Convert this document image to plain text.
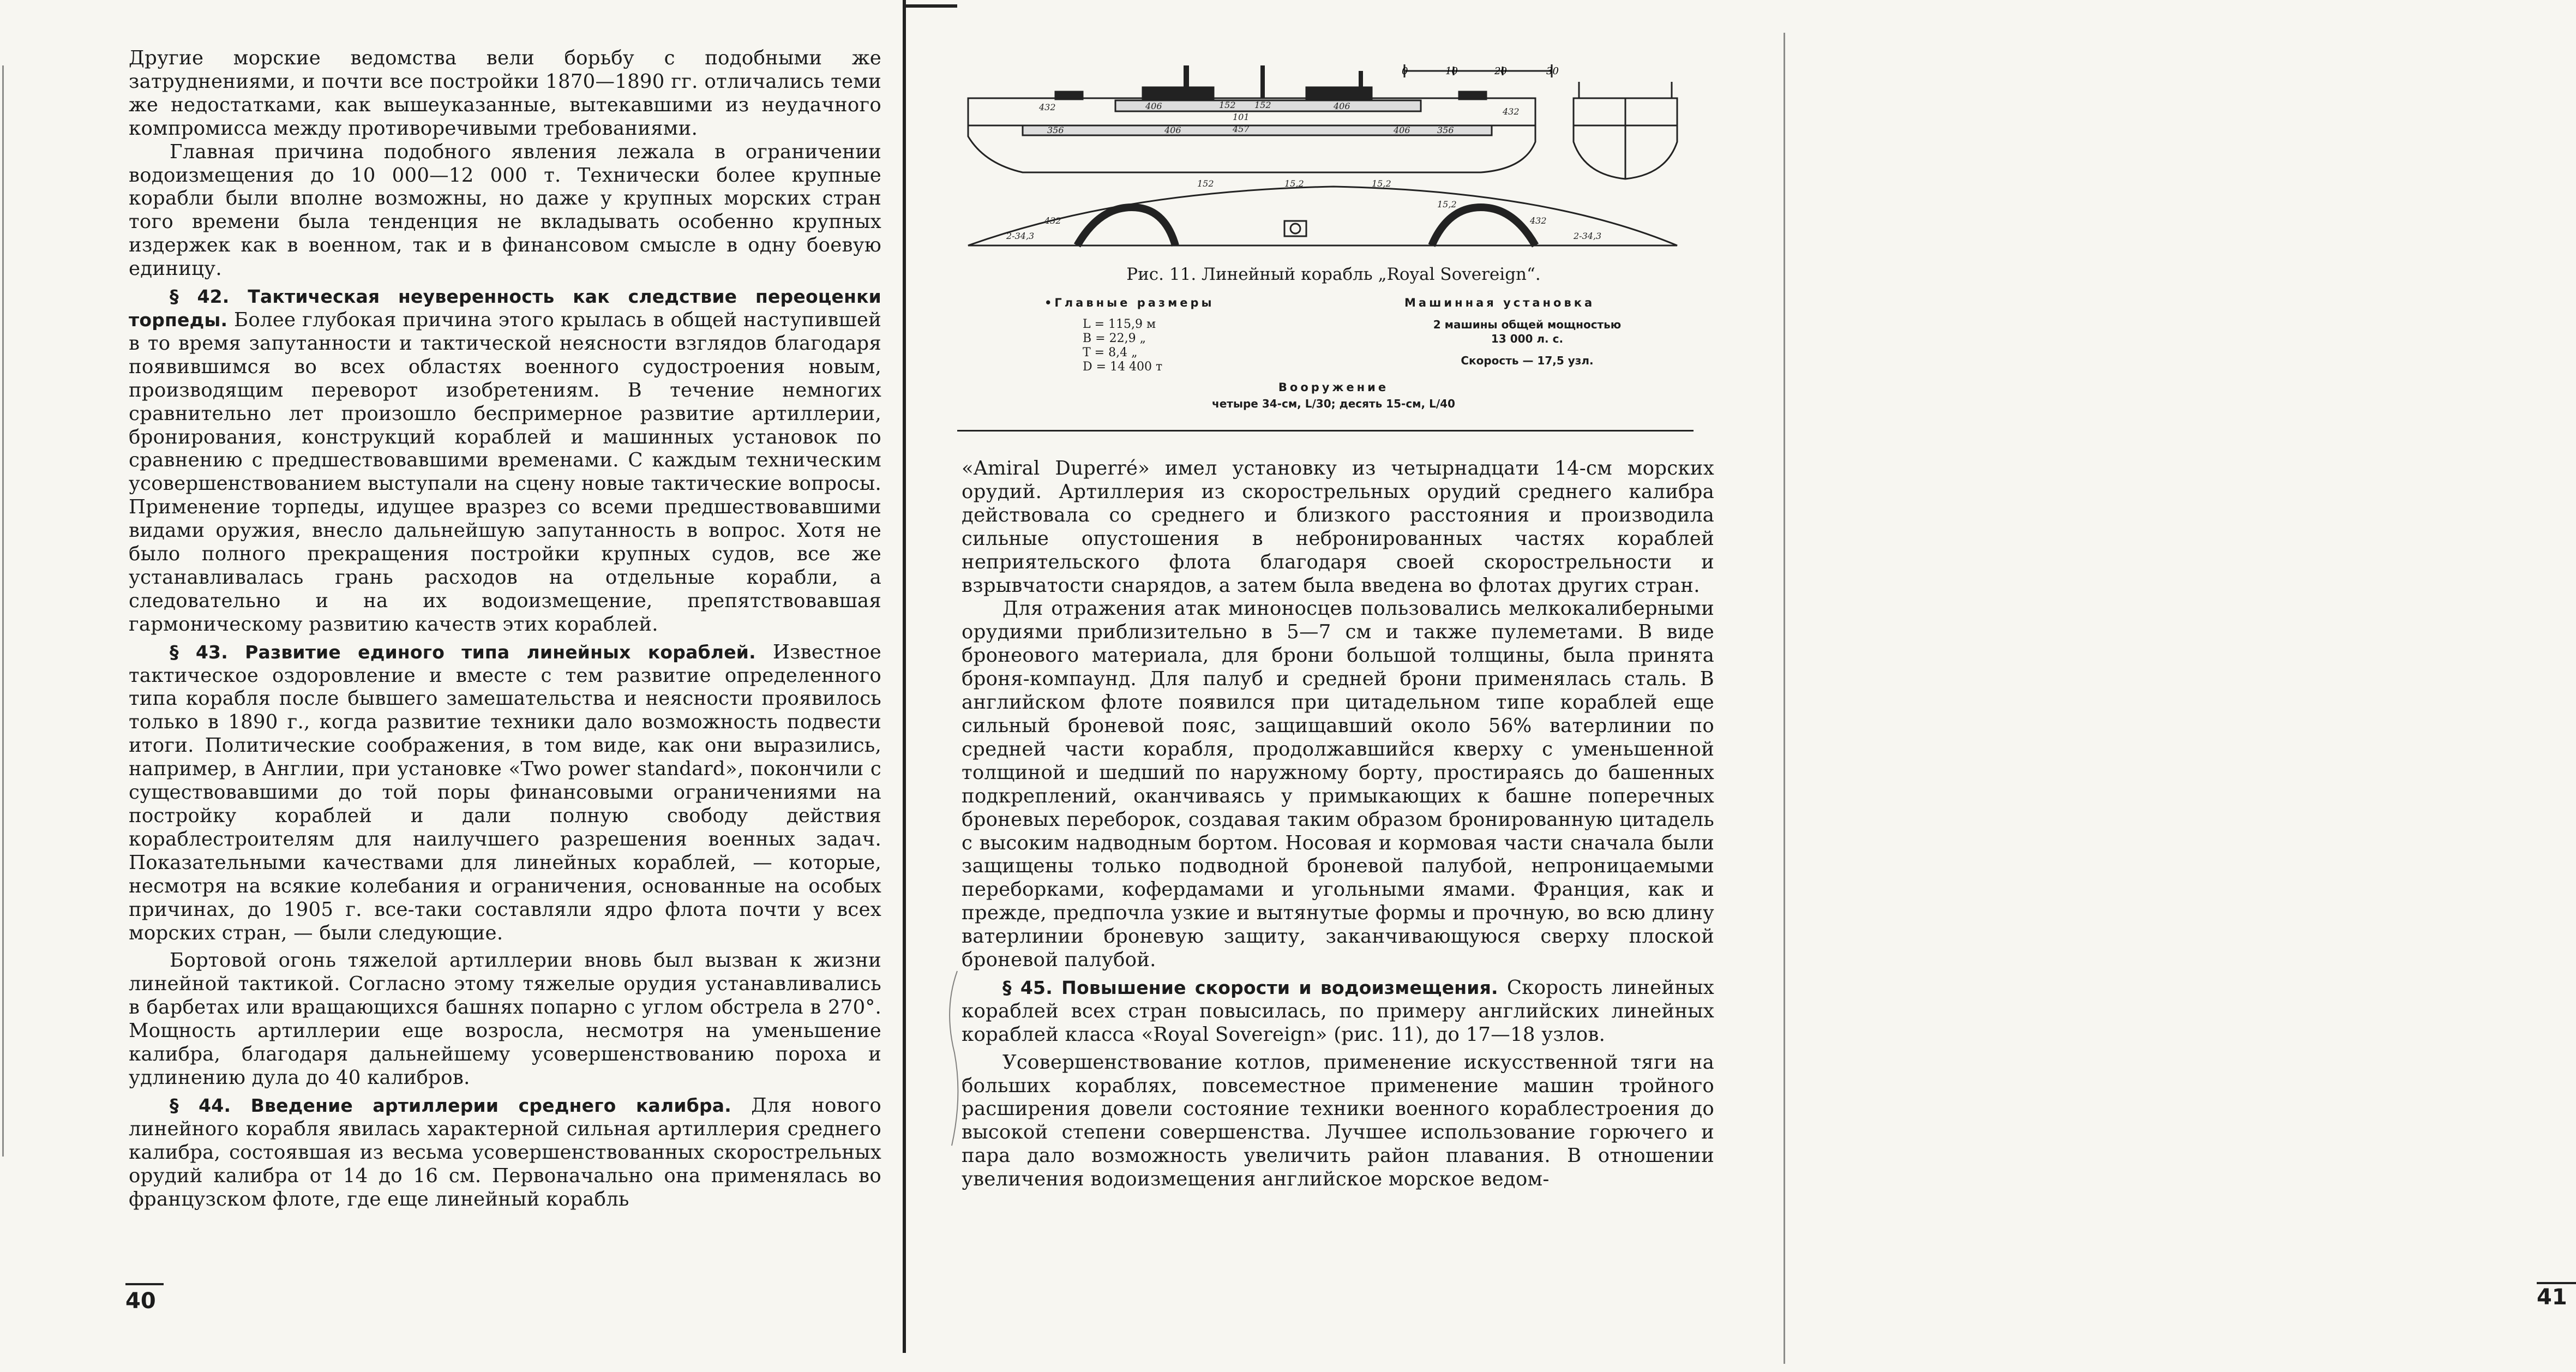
Другие морские ведомства вели борьбу с подобными же затруднениями, и почти все постройки 1870—1890 гг. отличались теми же недостатками, как вышеуказанные, вытекавшими из неудачного компромисса между противоречивыми требованиями.

Главная причина подобного явления лежала в ограничении водоизмещения до 10 000—12 000 т. Технически более крупные корабли были вполне возможны, но даже у крупных морских стран того времени была тенденция не вкладывать особенно крупных издержек как в военном, так и в финансовом смысле в одну боевую единицу.

§ 42. Тактическая неуверенность как следствие переоценки торпеды. Более глубокая причина этого крылась в общей наступившей в то время запутанности и тактической неясности взглядов благодаря появившимся во всех областях военного судостроения новым, производящим переворот изобретениям. В течение немногих сравнительно лет произошло беспримерное развитие артиллерии, бронирования, конструкций кораблей и машинных установок по сравнению с предшествовавшими временами. С каждым техническим усовершенствованием выступали на сцену новые тактические вопросы. Применение торпеды, идущее вразрез со всеми предшествовавшими видами оружия, внесло дальнейшую запутанность в вопрос. Хотя не было полного прекращения постройки крупных судов, все же устанавливалась грань расходов на отдельные корабли, а следовательно и на их водоизмещение, препятствовавшая гармоническому развитию качеств этих кораблей.

§ 43. Развитие единого типа линейных кораблей. Известное тактическое оздоровление и вместе с тем развитие определенного типа корабля после бывшего замешательства и неясности проявилось только в 1890 г., когда развитие техники дало возможность подвести итоги. Политические соображения, в том виде, как они выразились, например, в Англии, при установке «Two power standard», покончили с существовавшими до той поры финансовыми ограничениями на постройку кораблей и дали полную свободу действия кораблестроителям для наилучшего разрешения военных задач. Показательными качествами для линейных кораблей, — которые, несмотря на всякие колебания и ограничения, основанные на особых причинах, до 1905 г. все-таки составляли ядро флота почти у всех морских стран, — были следующие.

Бортовой огонь тяжелой артиллерии вновь был вызван к жизни линейной тактикой. Согласно этому тяжелые орудия устанавливались в барбетах или вращающихся башнях попарно с углом обстрела в 270°. Мощность артиллерии еще возросла, несмотря на уменьшение калибра, благодаря дальнейшему усовершенствованию пороха и удлинению дула до 40 калибров.

§ 44. Введение артиллерии среднего калибра. Для нового линейного корабля явилась характерной сильная артиллерия среднего калибра, состоявшая из весьма усовершенствованных скорострельных орудий калибра от 14 до 16 см. Первоначально она применялась во французском флоте, где еще линейный корабль

40

«Amiral Duperré» имел установку из четырнадцати 14-см морских орудий. Артиллерия из скорострельных орудий среднего калибра действовала со среднего и близкого расстояния и производила сильные опустошения в небронированных частях кораблей неприятельского флота благодаря своей скорострельности и взрывчатости снарядов, а затем была введена во флотах других стран.

Для отражения атак миноносцев пользовались мелкокалиберными орудиями приблизительно в 5—7 см и также пулеметами. В виде бронеового материала, для брони большой толщины, была принята броня-компаунд. Для палуб и средней брони применялась сталь. В английском флоте появился при цитадельном типе кораблей еще сильный броневой пояс, защищавший около 56% ватерлинии по средней части корабля, продолжавшийся кверху с уменьшенной толщиной и шедший по наружному борту, простираясь до башенных подкреплений, оканчиваясь у примыкающих к башне поперечных броневых переборок, создавая таким образом бронированную цитадель с высоким надводным бортом. Носовая и кормовая части сначала были защищены только подводной броневой палубой, непроницаемыми переборками, кофердамами и угольными ямами. Франция, как и прежде, предпочла узкие и вытянутые формы и прочную, во всю длину ватерлинии броневую защиту, заканчивающуюся сверху плоской броневой палубой.

§ 45. Повышение скорости и водоизмещения. Скорость линейных кораблей всех стран повысилась, по примеру английских линейных кораблей класса «Royal Sovereign» (рис. 11), до 17—18 узлов.

Усовершенствование котлов, применение искусственной тяги на больших кораблях, повсеместное применение машин тройного расширения довели состояние техники военного кораблестроения до высокой степени совершенства. Лучшее использование горючего и пара дало возможность увеличить район плавания. В отношении увеличения водоизмещения английское морское ведом-

41
0	10	20	30
432	406	152 152
101
457
406
406
432
356	406	356
152	15,2	15,2
15,2
432
2-34,3
432
2-34,3
Рис. 11. Линейный корабль „Royal Sovereign“.
•Главные размеры
L = 115,9 м
B = 22,9 „
T = 8,4 „
D = 14 400 т
Машинная установка
2 машины общей мощностью
13 000 л. с.
Скорость — 17,5 узл.
Вооружение
четыре 34-см, L/30; десять 15-см, L/40
